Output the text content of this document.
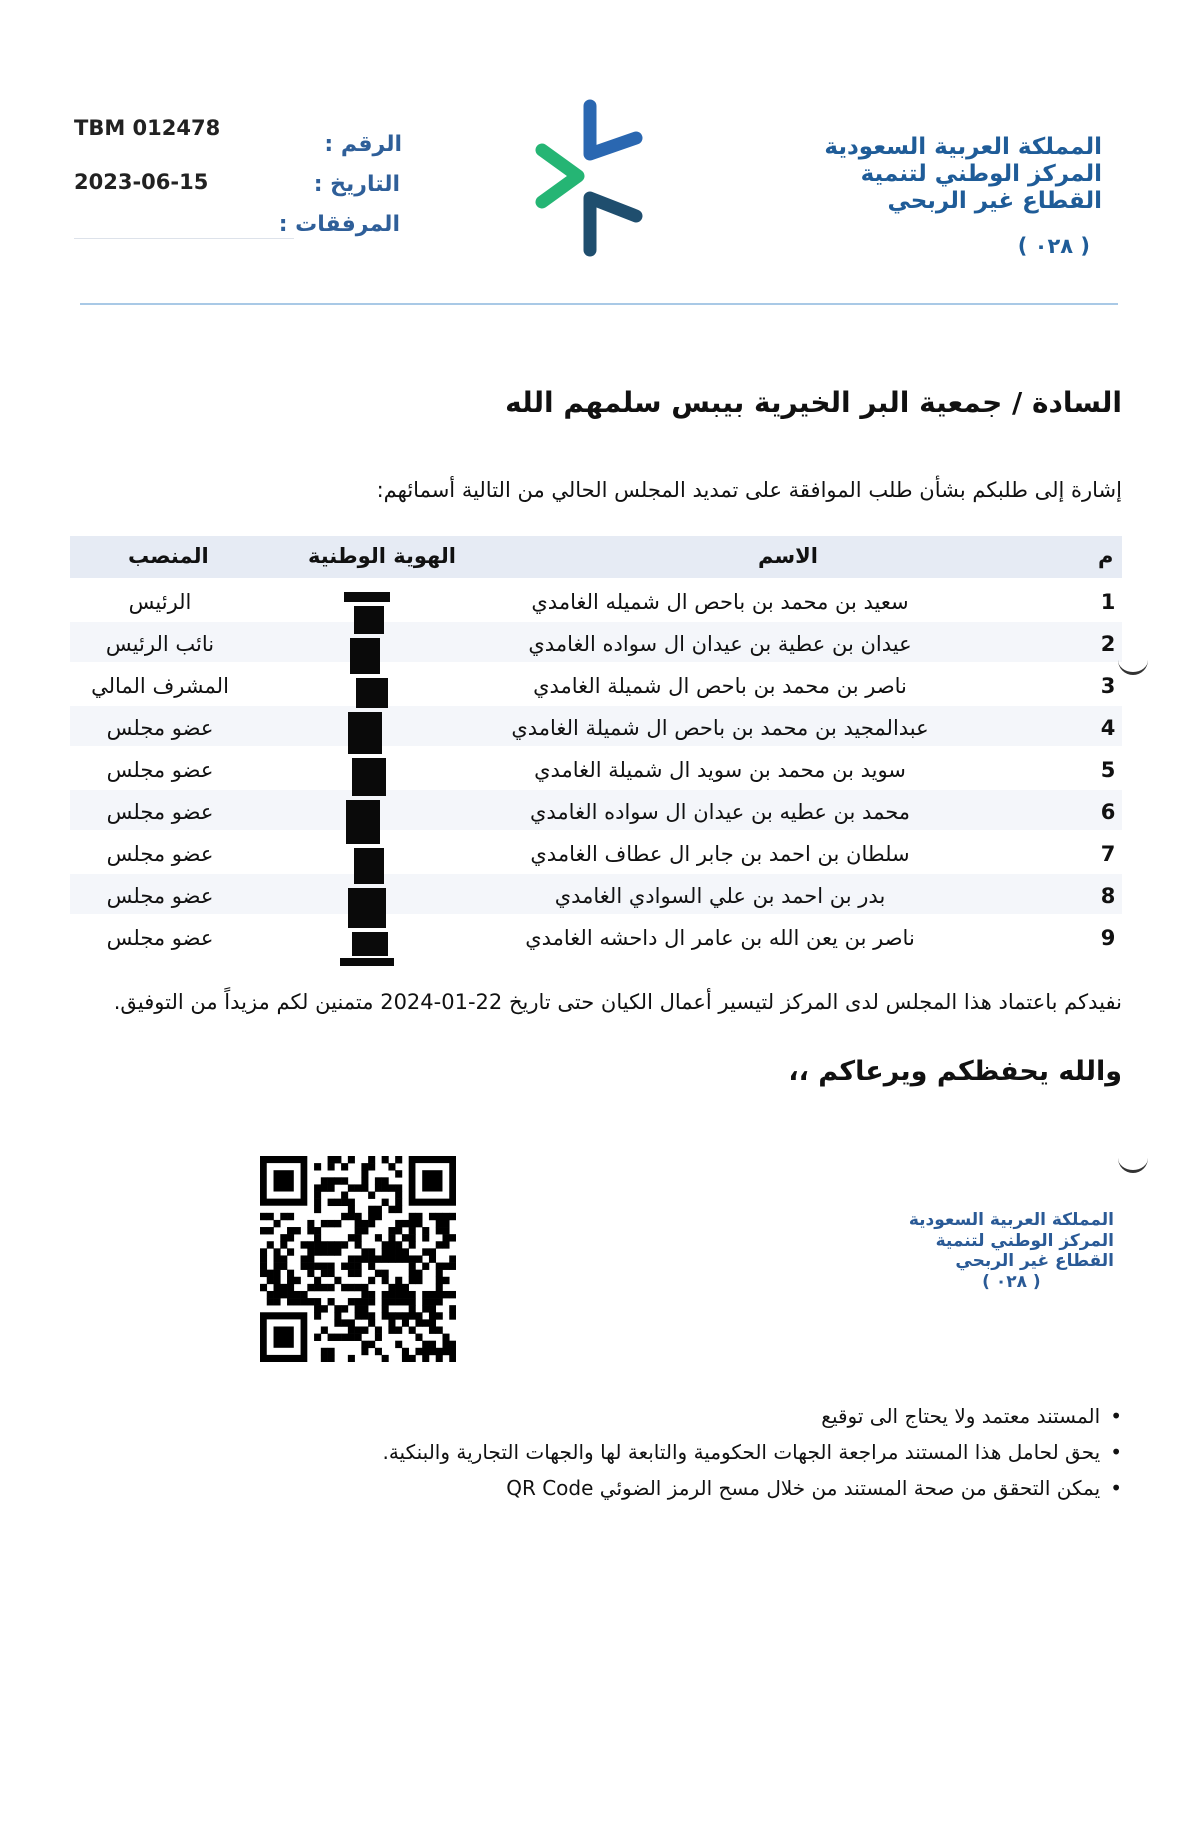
TBM 012478
2023-06-15
الرقم :
التاريخ :
المرفقات :
المملكة العربية السعودية
المركز الوطني لتنمية
القطاع غير الربحي
( ٠٢٨ )
السادة / جمعية البر الخيرية بيبس سلمهم الله
إشارة إلى طلبكم بشأن طلب الموافقة على تمديد المجلس الحالي من التالية أسمائهم:
م
الاسم
الهوية الوطنية
المنصب
1
سعيد بن محمد بن باحص ال شميله الغامدي
الرئيس
2
عيدان بن عطية بن عيدان ال سواده الغامدي
نائب الرئيس
3
ناصر بن محمد بن باحص ال شميلة الغامدي
المشرف المالي
4
عبدالمجيد بن محمد بن باحص ال شميلة الغامدي
عضو مجلس
5
سويد بن محمد بن سويد ال شميلة الغامدي
عضو مجلس
6
محمد بن عطيه بن عيدان ال سواده الغامدي
عضو مجلس
7
سلطان بن احمد بن جابر ال عطاف الغامدي
عضو مجلس
8
بدر بن احمد بن علي السوادي الغامدي
عضو مجلس
9
ناصر بن يعن الله بن عامر ال داحشه الغامدي
عضو مجلس
نفيدكم باعتماد هذا المجلس لدى المركز لتيسير أعمال الكيان حتى تاريخ 22-01-2024 متمنين لكم مزيداً من التوفيق.
والله يحفظكم ويرعاكم ،،
المملكة العربية السعودية
المركز الوطني لتنمية
القطاع غير الربحي
( ٠٢٨ )
•المستند معتمد ولا يحتاج الى توقيع
•يحق لحامل هذا المستند مراجعة الجهات الحكومية والتابعة لها والجهات التجارية والبنكية.
•يمكن التحقق من صحة المستند من خلال مسح الرمز الضوئي QR Code
